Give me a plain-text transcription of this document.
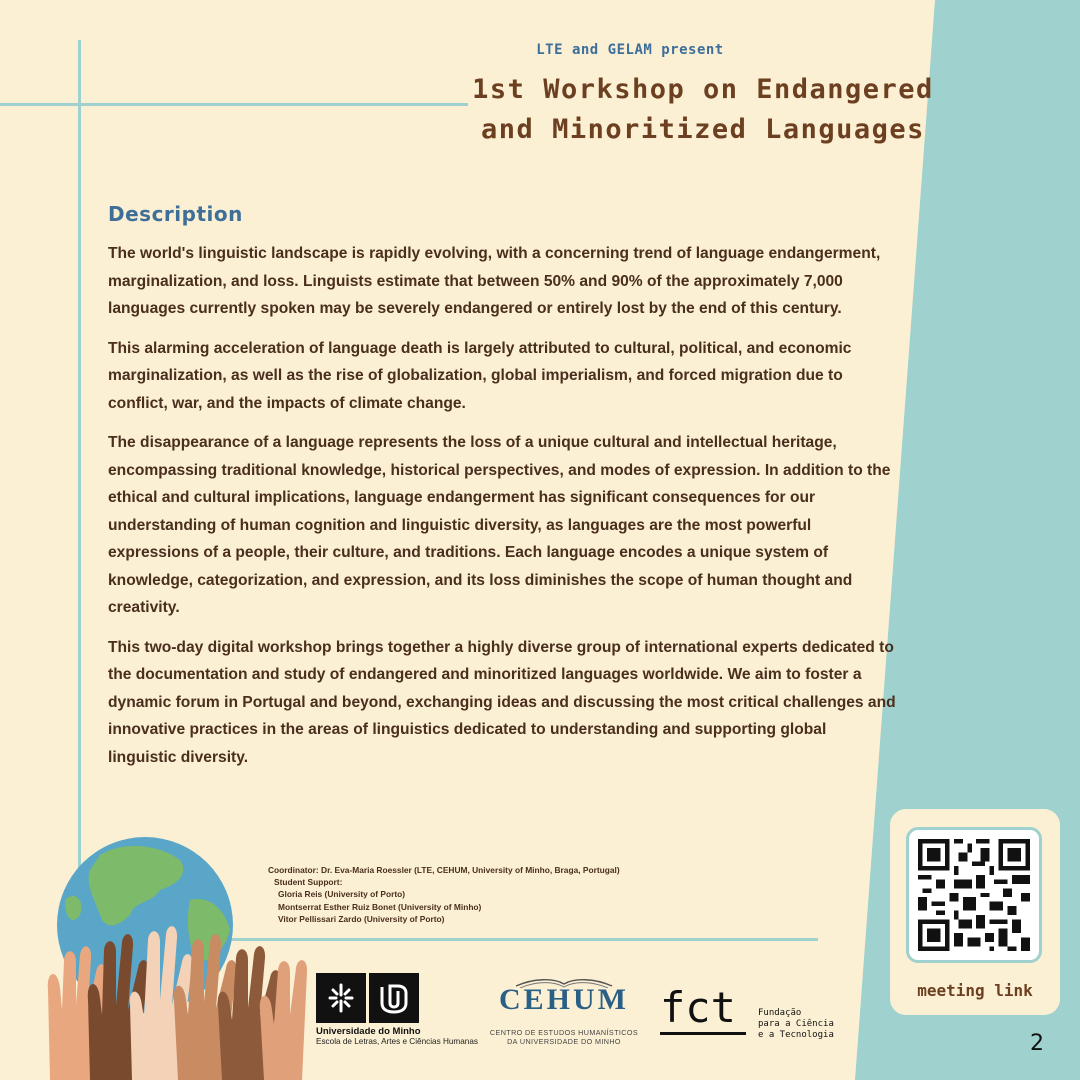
LTE and GELAM present
1st Workshop on Endangered
and Minoritized Languages
Description

The world's linguistic landscape is rapidly evolving, with a concerning trend of language endangerment, marginalization, and loss. Linguists estimate that between 50% and 90% of the approximately 7,000 languages currently spoken may be severely endangered or entirely lost by the end of this century.

This alarming acceleration of language death is largely attributed to cultural, political, and economic marginalization, as well as the rise of globalization, global imperialism, and forced migration due to conflict, war, and the impacts of climate change.

The disappearance of a language represents the loss of a unique cultural and intellectual heritage, encompassing traditional knowledge, historical perspectives, and modes of expression. In addition to the ethical and cultural implications, language endangerment has significant consequences for our understanding of human cognition and linguistic diversity, as languages are the most powerful expressions of a people, their culture, and traditions. Each language encodes a unique system of knowledge, categorization, and expression, and its loss diminishes the scope of human thought and creativity.

This two-day digital workshop brings together a highly diverse group of international experts dedicated to the documentation and study of endangered and minoritized languages worldwide. We aim to foster a dynamic forum in Portugal and beyond, exchanging ideas and discussing the most critical challenges and innovative practices in the areas of linguistics dedicated to understanding and supporting global linguistic diversity.

Coordinator: Dr. Eva-Maria Roessler (LTE, CEHUM, University of Minho, Braga, Portugal)
Student Support:
Gloria Reis (University of Porto)
Montserrat Esther Ruiz Bonet (University of Minho)
Vitor Pellissari Zardo (University of Porto)
Universidade do Minho
Escola de Letras, Artes e Ciências Humanas
CEHUM
CENTRO DE ESTUDOS HUMANÍSTICOS
DA UNIVERSIDADE DO MINHO
fct Fundação
para a Ciência
e a Tecnologia
meeting link
2
